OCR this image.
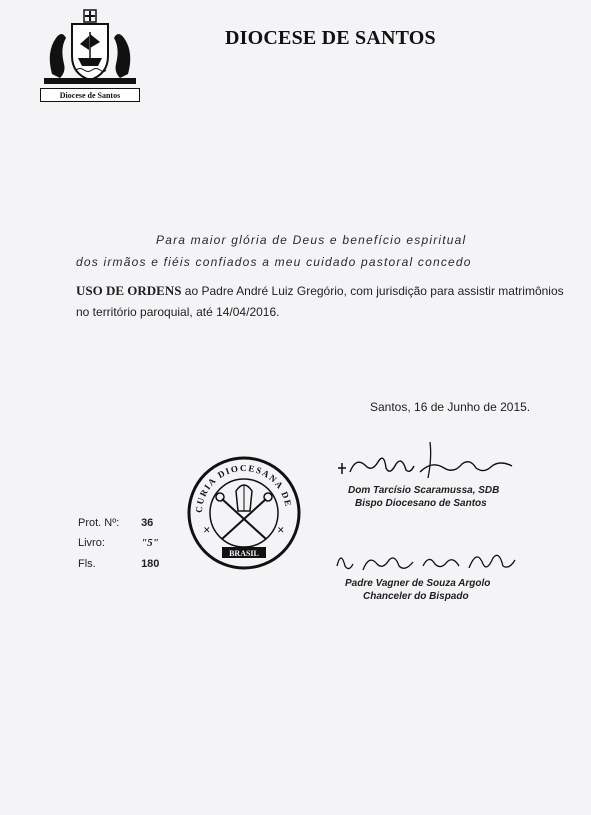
Diocese de Santos
DIOCESE DE SANTOS
Para maior glória de Deus e benefício espiritual
dos irmãos e fiéis confiados a meu cuidado pastoral concedo
USO DE ORDENS ao Padre André Luiz Gregório, com jurisdição para assistir matrimônios
no território paroquial, até 14/04/2016.
Santos, 16 de Junho de 2015.
CURIA DIOCESANA DE
BRASIL
✕	✕
Prot. Nº: 36
Livro:	"5"
Fls.	180
Dom Tarcísio Scaramussa, SDB
Bispo Diocesano de Santos
Padre Vagner de Souza Argolo
Chanceler do Bispado
